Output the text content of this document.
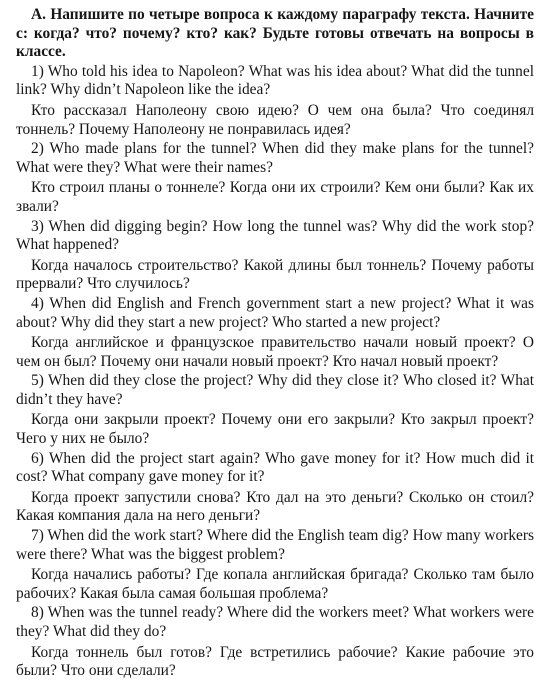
A. Напишите по четыре вопроса к каждому параграфу текста. Начните с: когда? что? почему? кто? как? Будьте готовы отвечать на вопросы в классе.

1) Who told his idea to Napoleon? What was his idea about? What did the tunnel link? Why didn’t Napoleon like the idea?

Кто рассказал Наполеону свою идею? О чем она была? Что соединял тоннель? Почему Наполеону не понравилась идея?

2) Who made plans for the tunnel? When did they make plans for the tunnel? What were they? What were their names?

Кто строил планы о тоннеле? Когда они их строили? Кем они были? Как их звали?

3) When did digging begin? How long the tunnel was? Why did the work stop? What happened?

Когда началось строительство? Какой длины был тоннель? Почему работы прервали? Что случилось?

4) When did English and French government start a new project? What it was about? Why did they start a new project? Who started a new project?

Когда английское и французское правительство начали новый проект? О чем он был? Почему они начали новый проект? Кто начал новый проект?

5) When did they close the project? Why did they close it? Who closed it? What didn’t they have?

Когда они закрыли проект? Почему они его закрыли? Кто закрыл проект? Чего у них не было?

6) When did the project start again? Who gave money for it? How much did it cost? What company gave money for it?

Когда проект запустили снова? Кто дал на это деньги? Сколько он стоил? Какая компания дала на него деньги?

7) When did the work start? Where did the English team dig? How many workers were there? What was the biggest problem?

Когда начались работы? Где копала английская бригада? Сколько там было рабочих? Какая была самая большая проблема?

8) When was the tunnel ready? Where did the workers meet? What workers were they? What did they do?

Когда тоннель был готов? Где встретились рабочие? Какие рабочие это были? Что они сделали?
